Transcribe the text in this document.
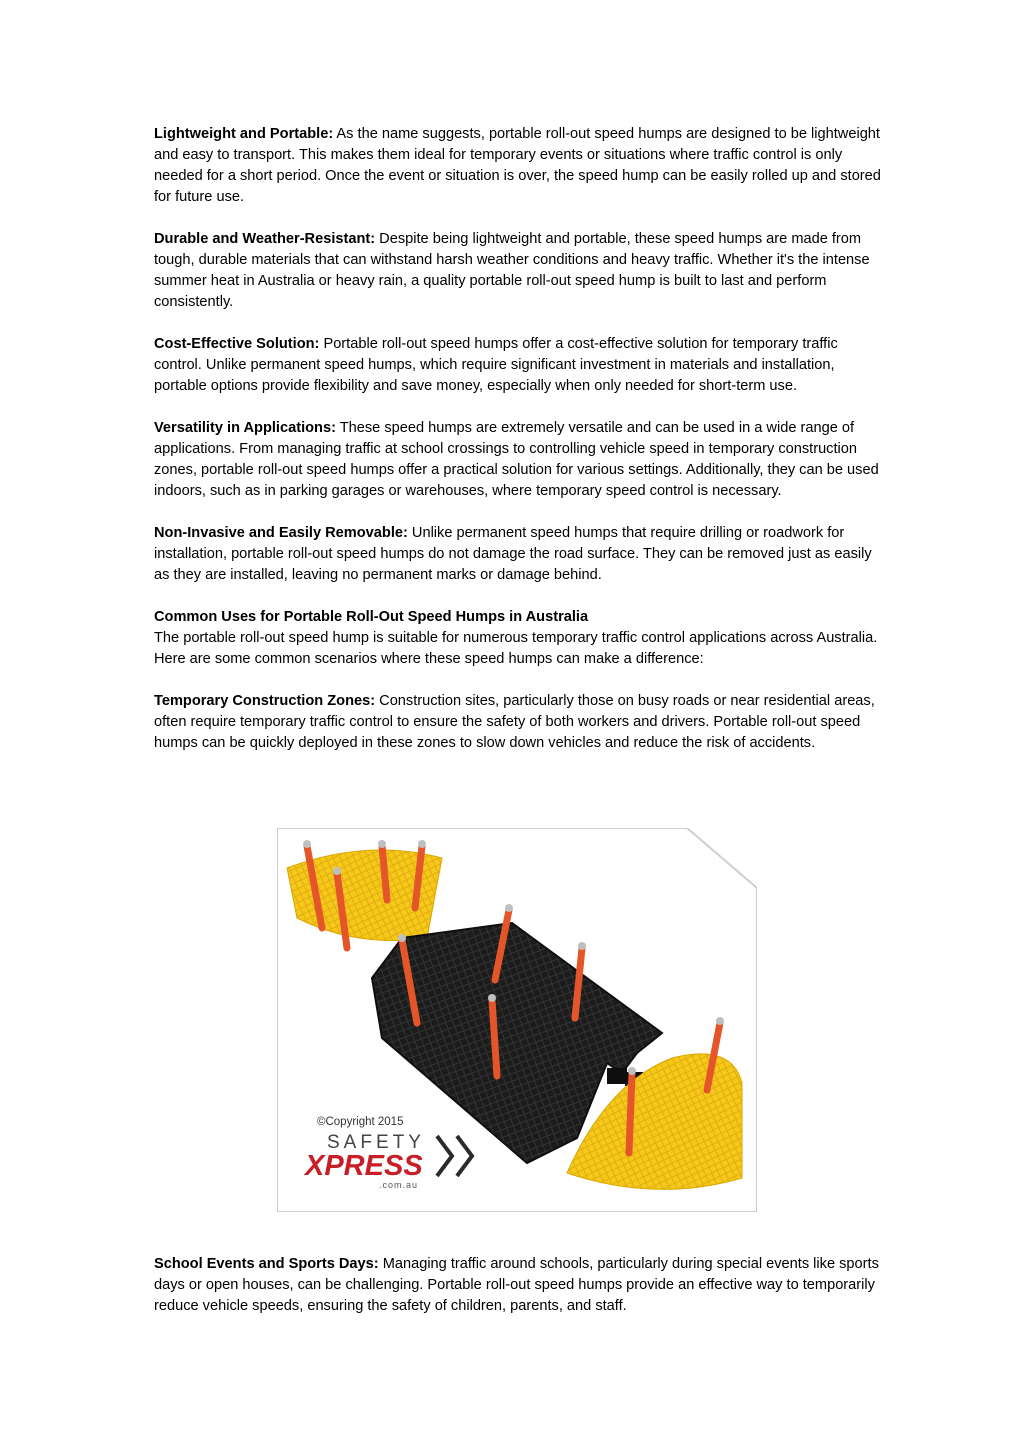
Lightweight and Portable: As the name suggests, portable roll-out speed humps are designed to be lightweight and easy to transport. This makes them ideal for temporary events or situations where traffic control is only needed for a short period. Once the event or situation is over, the speed hump can be easily rolled up and stored for future use.

Durable and Weather-Resistant: Despite being lightweight and portable, these speed humps are made from tough, durable materials that can withstand harsh weather conditions and heavy traffic. Whether it's the intense summer heat in Australia or heavy rain, a quality portable roll-out speed hump is built to last and perform consistently.

Cost-Effective Solution: Portable roll-out speed humps offer a cost-effective solution for temporary traffic control. Unlike permanent speed humps, which require significant investment in materials and installation, portable options provide flexibility and save money, especially when only needed for short-term use.

Versatility in Applications: These speed humps are extremely versatile and can be used in a wide range of applications. From managing traffic at school crossings to controlling vehicle speed in temporary construction zones, portable roll-out speed humps offer a practical solution for various settings. Additionally, they can be used indoors, such as in parking garages or warehouses, where temporary speed control is necessary.

Non-Invasive and Easily Removable: Unlike permanent speed humps that require drilling or roadwork for installation, portable roll-out speed humps do not damage the road surface. They can be removed just as easily as they are installed, leaving no permanent marks or damage behind.

Common Uses for Portable Roll-Out Speed Humps in Australia

The portable roll-out speed hump is suitable for numerous temporary traffic control applications across Australia. Here are some common scenarios where these speed humps can make a difference:

Temporary Construction Zones: Construction sites, particularly those on busy roads or near residential areas, often require temporary traffic control to ensure the safety of both workers and drivers. Portable roll-out speed humps can be quickly deployed in these zones to slow down vehicles and reduce the risk of accidents.

©Copyright 2015
SAFETY
XPRESS
.com.au

School Events and Sports Days: Managing traffic around schools, particularly during special events like sports days or open houses, can be challenging. Portable roll-out speed humps provide an effective way to temporarily reduce vehicle speeds, ensuring the safety of children, parents, and staff.
